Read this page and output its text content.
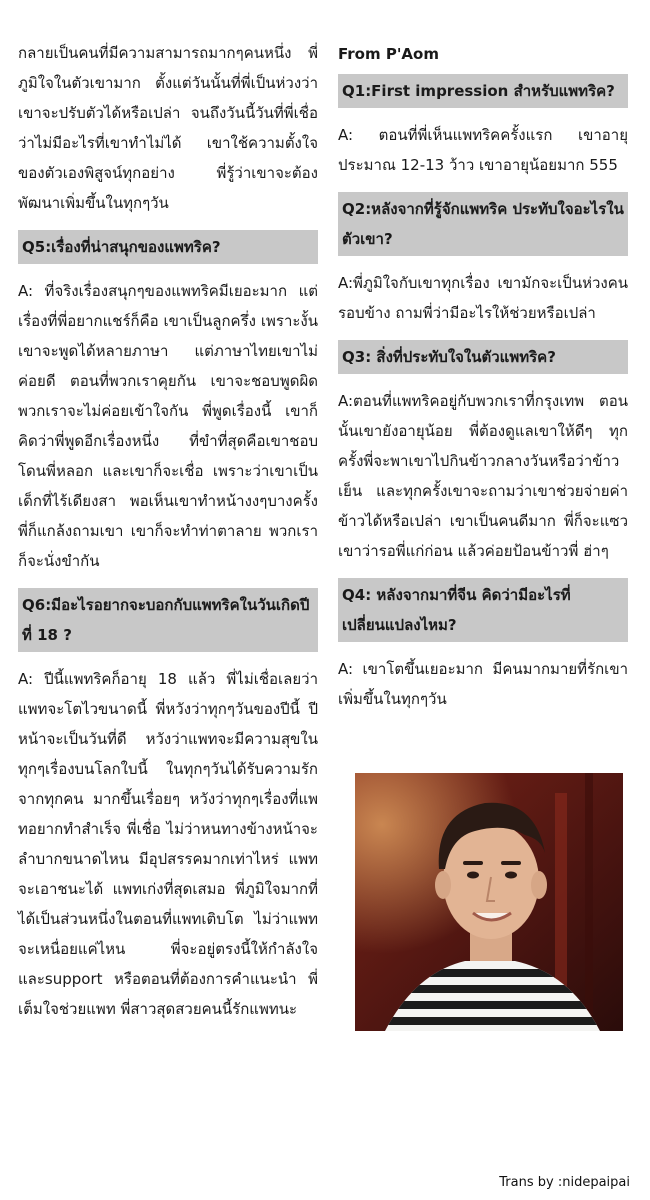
กลายเป็นคนที่มีความสามารถมากๆคนหนึ่ง พี่ภูมิใจในตัวเขามาก ตั้งแต่วันนั้นที่พี่เป็นห่วงว่าเขาจะปรับตัวได้หรือเปล่า จนถึงวันนี้วันที่พี่เชื่อว่าไม่มีอะไรที่เขาทำไม่ได้ เขาใช้ความตั้งใจของตัวเองพิสูจน์ทุกอย่าง พี่รู้ว่าเขาจะต้องพัฒนาเพิ่มขึ้นในทุกๆวัน

Q5:เรื่องที่น่าสนุกของแพทริค?

A: ที่จริงเรื่องสนุกๆของแพทริคมีเยอะมาก แต่เรื่องที่พี่อยากแชร์ก็คือ เขาเป็นลูกครึ่ง เพราะงั้นเขาจะพูดได้หลายภาษา แต่ภาษาไทยเขาไม่ค่อยดี ตอนที่พวกเราคุยกัน เขาจะชอบพูดผิด พวกเราจะไม่ค่อยเข้าใจกัน พี่พูดเรื่องนี้ เขาก็คิดว่าพี่พูดอีกเรื่องหนึ่ง ที่ขำที่สุดคือเขาชอบโดนพี่หลอก และเขาก็จะเชื่อ เพราะว่าเขาเป็นเด็กที่ไร้เดียงสา พอเห็นเขาทำหน้างงๆบางครั้งพี่ก็แกล้งถามเขา เขาก็จะทำท่าตาลาย พวกเราก็จะนั่งขำกัน

Q6:มีอะไรอยากจะบอกกับแพทริคในวันเกิดปีที่ 18 ?

A: ปีนี้แพทริคก็อายุ 18 แล้ว พี่ไม่เชื่อเลยว่าแพทจะโตไวขนาดนี้ พี่หวังว่าทุกๆวันของปีนี้ ปีหน้าจะเป็นวันที่ดี หวังว่าแพทจะมีความสุขในทุกๆเรื่องบนโลกใบนี้ ในทุกๆวันได้รับความรักจากทุกคน มากขึ้นเรื่อยๆ หวังว่าทุกๆเรื่องที่แพทอยากทำสำเร็จ พี่เชื่อ ไม่ว่าหนทางข้างหน้าจะลำบากขนาดไหน มีอุปสรรคมากเท่าไหร่ แพทจะเอาชนะได้ แพทเก่งที่สุดเสมอ พี่ภูมิใจมากที่ได้เป็นส่วนหนึ่งในตอนที่แพทเติบโต ไม่ว่าแพทจะเหนื่อยแค่ไหน พี่จะอยู่ตรงนี้ให้กำลังใจและsupport หรือตอนที่ต้องการคำแนะนำ พี่เต็มใจช่วยแพท พี่สาวสุดสวยคนนี้รักแพทนะ

From P'Aom
Q1:First impression สำหรับแพทริค?

A: ตอนที่พี่เห็นแพทริคครั้งแรก เขาอายุประมาณ 12-13 ว้าว เขาอายุน้อยมาก 555

Q2:หลังจากที่รู้จักแพทริค ประทับใจอะไรในตัวเขา?

A:พี่ภูมิใจกับเขาทุกเรื่อง เขามักจะเป็นห่วงคนรอบข้าง ถามพี่ว่ามีอะไรให้ช่วยหรือเปล่า

Q3: สิ่งที่ประทับใจในตัวแพทริค?

A:ตอนที่แพทริคอยู่กับพวกเราที่กรุงเทพ ตอนนั้นเขายังอายุน้อย พี่ต้องดูแลเขาให้ดีๆ ทุกครั้งพี่จะพาเขาไปกินข้าวกลางวันหรือว่าข้าวเย็น และทุกครั้งเขาจะถามว่าเขาช่วยจ่ายค่าข้าวได้หรือเปล่า เขาเป็นคนดีมาก พี่ก็จะแซวเขาว่ารอพี่แก่ก่อน แล้วค่อยป้อนข้าวพี่ ฮ่าๆ

Q4: หลังจากมาที่จีน คิดว่ามีอะไรที่เปลี่ยนแปลงไหม?

A: เขาโตขึ้นเยอะมาก มีคนมากมายที่รักเขาเพิ่มขึ้นในทุกๆวัน

Trans by :nidepaipai
